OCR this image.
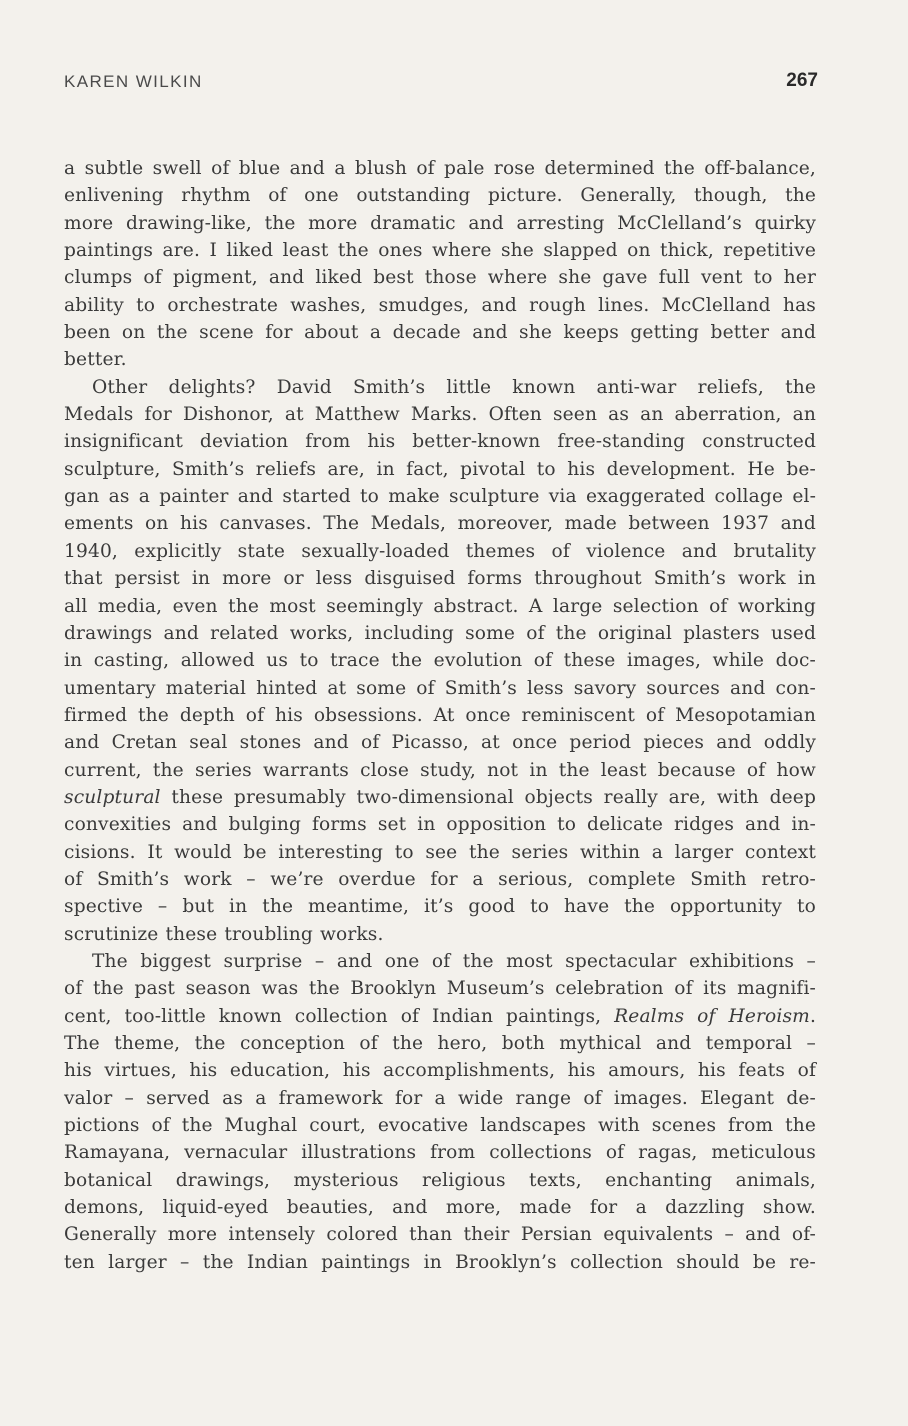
KAREN WILKIN	267
a subtle swell of blue and a blush of pale rose determined the off-balance,
enlivening rhythm of one outstanding picture. Generally, though, the
more drawing-like, the more dramatic and arresting McClelland’s quirky
paintings are. I liked least the ones where she slapped on thick, repetitive
clumps of pigment, and liked best those where she gave full vent to her
ability to orchestrate washes, smudges, and rough lines. McClelland has
been on the scene for about a decade and she keeps getting better and
better.
Other delights? David Smith’s little known anti-war reliefs, the
Medals for Dishonor, at Matthew Marks. Often seen as an aberration, an
insignificant deviation from his better-known free-standing constructed
sculpture, Smith’s reliefs are, in fact, pivotal to his development. He be-
gan as a painter and started to make sculpture via exaggerated collage el-
ements on his canvases. The Medals, moreover, made between 1937 and
1940, explicitly state sexually-loaded themes of violence and brutality
that persist in more or less disguised forms throughout Smith’s work in
all media, even the most seemingly abstract. A large selection of working
drawings and related works, including some of the original plasters used
in casting, allowed us to trace the evolution of these images, while doc-
umentary material hinted at some of Smith’s less savory sources and con-
firmed the depth of his obsessions. At once reminiscent of Mesopotamian
and Cretan seal stones and of Picasso, at once period pieces and oddly
current, the series warrants close study, not in the least because of how
sculptural these presumably two-dimensional objects really are, with deep
convexities and bulging forms set in opposition to delicate ridges and in-
cisions. It would be interesting to see the series within a larger context
of Smith’s work – we’re overdue for a serious, complete Smith retro-
spective – but in the meantime, it’s good to have the opportunity to
scrutinize these troubling works.
The biggest surprise – and one of the most spectacular exhibitions –
of the past season was the Brooklyn Museum’s celebration of its magnifi-
cent, too-little known collection of Indian paintings, Realms of Heroism.
The theme, the conception of the hero, both mythical and temporal –
his virtues, his education, his accomplishments, his amours, his feats of
valor – served as a framework for a wide range of images. Elegant de-
pictions of the Mughal court, evocative landscapes with scenes from the
Ramayana, vernacular illustrations from collections of ragas, meticulous
botanical drawings, mysterious religious texts, enchanting animals,
demons, liquid-eyed beauties, and more, made for a dazzling show.
Generally more intensely colored than their Persian equivalents – and of-
ten larger – the Indian paintings in Brooklyn’s collection should be re-
